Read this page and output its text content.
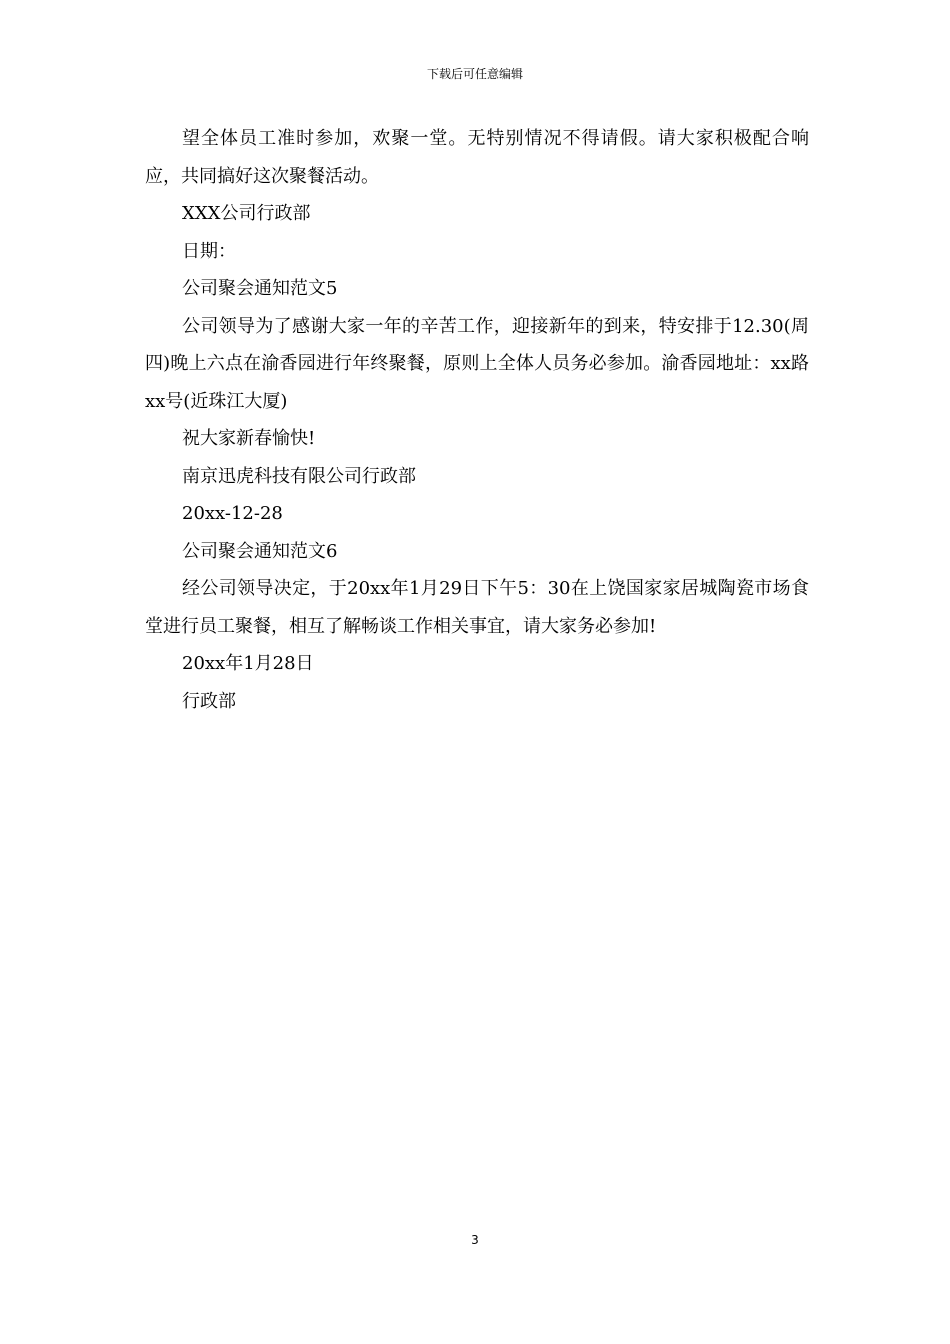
下载后可任意编辑

望全体员工准时参加，欢聚一堂。无特别情况不得请假。请大家积极配合响应，共同搞好这次聚餐活动。

XXX公司行政部

日期：

公司聚会通知范文5

公司领导为了感谢大家一年的辛苦工作，迎接新年的到来，特安排于12.30(周四)晚上六点在渝香园进行年终聚餐，原则上全体人员务必参加。渝香园地址：xx路xx号(近珠江大厦)

祝大家新春愉快!

南京迅虎科技有限公司行政部

20xx-12-28

公司聚会通知范文6

经公司领导决定，于20xx年1月29日下午5：30在上饶国家家居城陶瓷市场食堂进行员工聚餐，相互了解畅谈工作相关事宜，请大家务必参加!

20xx年1月28日

行政部

3
